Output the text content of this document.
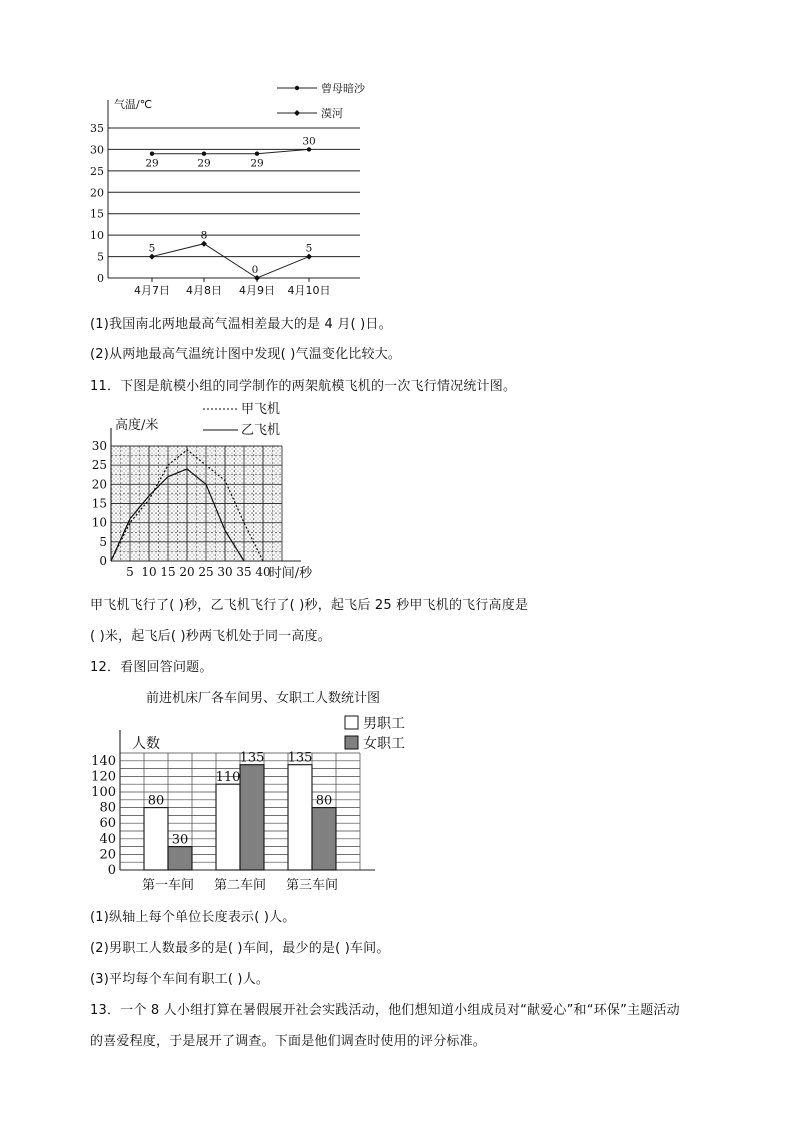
0
5
10
15
20
25
30
35
气温/℃
4月7日 4月8日 4月9日 4月10日
29	29	29
30
5
8
0
5
曾母暗沙
漠河
(1)我国南北两地最高气温相差最大的是 4 月( )日。
(2)从两地最高气温统计图中发现( )气温变化比较大。
11．下图是航模小组的同学制作的两架航模飞机的一次飞行情况统计图。
0
5
10
15
20
25
30
5 10 15 20 25 30 35 40
高度/米
时间/秒
甲飞机
乙飞机
甲飞机飞行了( )秒，乙飞机飞行了( )秒，起飞后 25 秒甲飞机的飞行高度是
( )米，起飞后( )秒两飞机处于同一高度。
12．看图回答问题。
前进机床厂各车间男、女职工人数统计图
0
20
40
60
80
100
120
140
人数
80
30
第一车间
110
135
第二车间
135
80
第三车间
男职工
女职工
(1)纵轴上每个单位长度表示( )人。
(2)男职工人数最多的是( )车间，最少的是( )车间。
(3)平均每个车间有职工( )人。
13．一个 8 人小组打算在暑假展开社会实践活动，他们想知道小组成员对“献爱心”和“环保”主题活动
的喜爱程度，于是展开了调查。下面是他们调查时使用的评分标准。
